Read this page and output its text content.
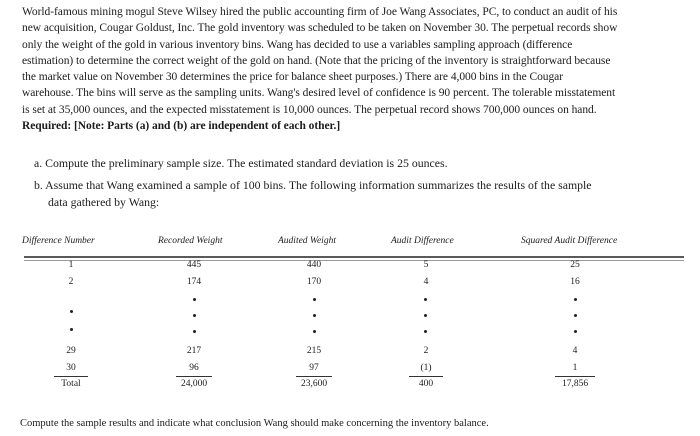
World-famous mining mogul Steve Wilsey hired the public accounting firm of Joe Wang Associates, PC, to conduct an audit of his
new acquisition, Cougar Goldust, Inc. The gold inventory was scheduled to be taken on November 30. The perpetual records show
only the weight of the gold in various inventory bins. Wang has decided to use a variables sampling approach (difference
estimation) to determine the correct weight of the gold on hand. (Note that the pricing of the inventory is straightforward because
the market value on November 30 determines the price for balance sheet purposes.) There are 4,000 bins in the Cougar
warehouse. The bins will serve as the sampling units. Wang's desired level of confidence is 90 percent. The tolerable misstatement
is set at 35,000 ounces, and the expected misstatement is 10,000 ounces. The perpetual record shows 700,000 ounces on hand.
Required: [Note: Parts (a) and (b) are independent of each other.]
a. Compute the preliminary sample size. The estimated standard deviation is 25 ounces.
b. Assume that Wang examined a sample of 100 bins. The following information summarizes the results of the sample
data gathered by Wang:
Difference Number	Recorded Weight	Audited Weight	Audit Difference	Squared Audit Difference
1	445	440	5	25
2	174	170	4	16
29	217	215	2	4
30	96	97	(1)	1
Total	24,000	23,600	400	17,856
Compute the sample results and indicate what conclusion Wang should make concerning the inventory balance.
